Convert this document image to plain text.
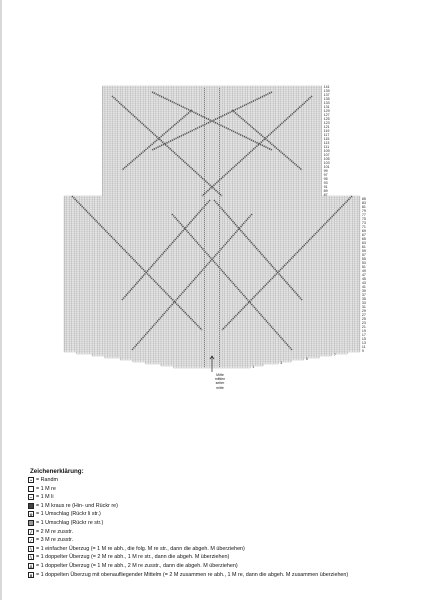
1
3
5
7
9
11
13
15
17
19
21
23
25
27
29
31
33
35
37
39
41
43
45
47
49
51
53
55
57
59
61
63
65
67
69
71
73
75
77
79
81
83
85
87
89
91
93
95
97
99
101
103
105
107
109
111
113
115
117
119
121
123
125
127
129
131
133
135
137
139
141
Mitte
mittlen
seiter
mitte
Zeichenerklärung:
• = Randm
= 1 M re
– = 1 M li
= 1 M kraus re (Hin- und Rückr re)
o = 1 Umschlag (Rückr li str.)
= 1 Umschlag (Rückr re str.)
/ = 2 M re zusstr.
⁄ = 3 M re zusstr.
\ = 1 einfacher Überzug (= 1 M re abh., die folg. M re str., dann die abgeh. M überziehen)
\ = 1 doppelter Überzug (= 2 M re abh., 1 M re str., dann die abgeh. M überziehen)
⅄ = 1 doppelter Überzug (= 1 M re abh., 2 M re zusstr., dann die abgeh. M überziehen)
∧ = 1 doppelten Überzug mit obenaufliegender Mittelm (= 2 M zusammen re abh., 1 M re, dann die abgeh. M zusammen überziehen)
